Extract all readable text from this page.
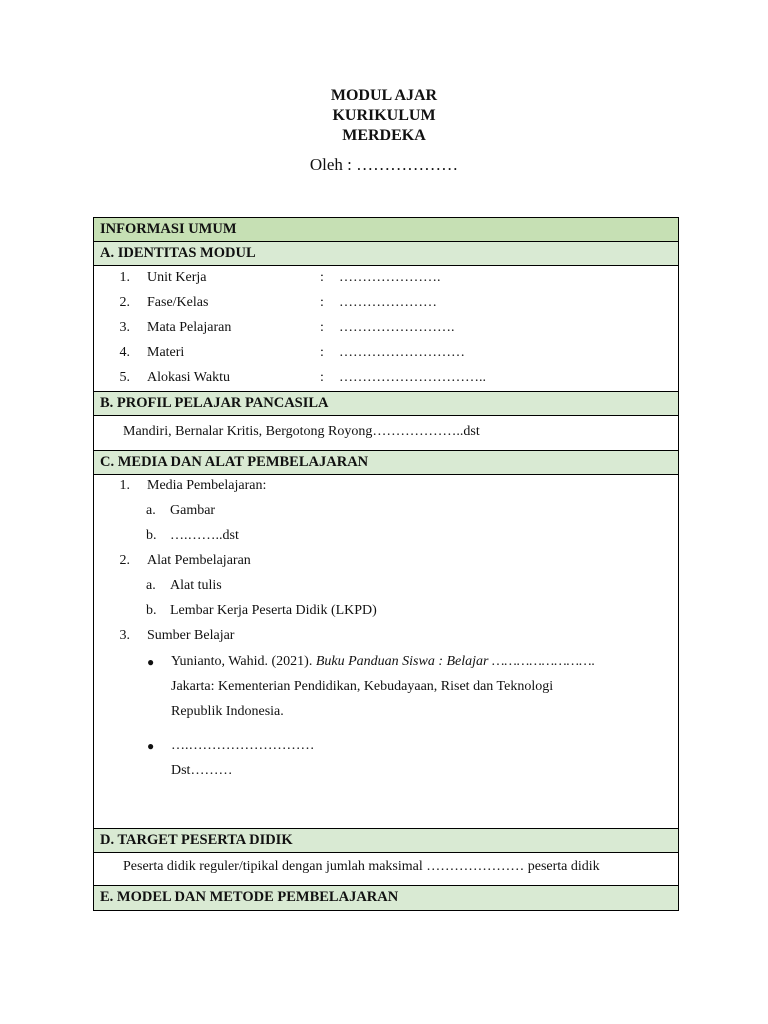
MODUL AJAR
KURIKULUM
MERDEKA
Oleh : ………………
INFORMASI UMUM
A. IDENTITAS MODUL
1. Unit Kerja	: ………………….
2. Fase/Kelas	: …………………
3. Mata Pelajaran	: …………………….
4. Materi	: ………………………
5. Alokasi Waktu	: …………………………..
B. PROFIL PELAJAR PANCASILA
Mandiri, Bernalar Kritis, Bergotong Royong………………..dst
C. MEDIA DAN ALAT PEMBELAJARAN
1. Media Pembelajaran:
a. Gambar
b. ….……..dst
2. Alat Pembelajaran
a. Alat tulis
b. Lembar Kerja Peserta Didik (LKPD)
3. Sumber Belajar
● Yunianto, Wahid. (2021). Buku Panduan Siswa : Belajar …………………….
Jakarta: Kementerian Pendidikan, Kebudayaan, Riset dan Teknologi
Republik Indonesia.
● ….………………………
Dst………
D. TARGET PESERTA DIDIK
Peserta didik reguler/tipikal dengan jumlah maksimal ………………… peserta didik
E. MODEL DAN METODE PEMBELAJARAN
